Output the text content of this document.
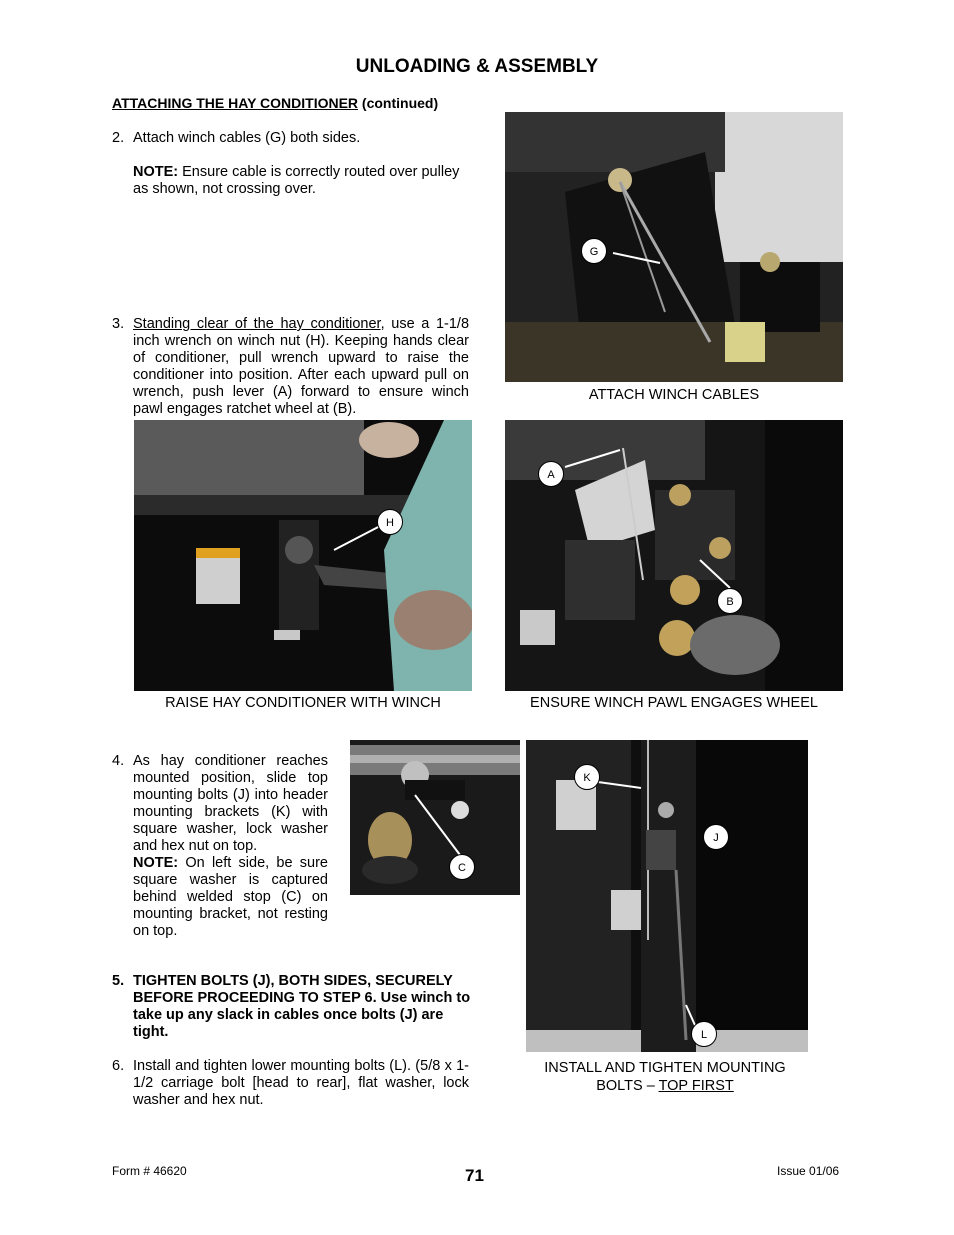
UNLOADING & ASSEMBLY
ATTACHING THE HAY CONDITIONER (continued)
2. Attach winch cables (G) both sides.
NOTE: Ensure cable is correctly routed over pulley as shown, not crossing over.
G
ATTACH WINCH CABLES
3. Standing clear of the hay conditioner, use a 1-1/8 inch wrench on winch nut (H). Keeping hands clear of conditioner, pull wrench upward to raise the conditioner into position. After each upward pull on wrench, push lever (A) forward to ensure winch pawl engages ratchet wheel at (B).
H
RAISE HAY CONDITIONER WITH WINCH
A
B
ENSURE WINCH PAWL ENGAGES WHEEL
4. As hay conditioner reaches mounted position, slide top mounting bolts (J) into header mounting brackets (K) with square washer, lock washer and hex nut on top.
NOTE: On left side, be sure square washer is captured behind welded stop (C) on mounting bracket, not resting on top.
C
K
J
L
INSTALL AND TIGHTEN MOUNTING
BOLTS – TOP FIRST
5. TIGHTEN BOLTS (J), BOTH SIDES, SECURELY BEFORE PROCEEDING TO STEP 6. Use winch to take up any slack in cables once bolts (J) are tight.
6. Install and tighten lower mounting bolts (L). (5/8 x 1-1/2 carriage bolt [head to rear], flat washer, lock washer and hex nut.
Form # 46620	71	Issue 01/06
